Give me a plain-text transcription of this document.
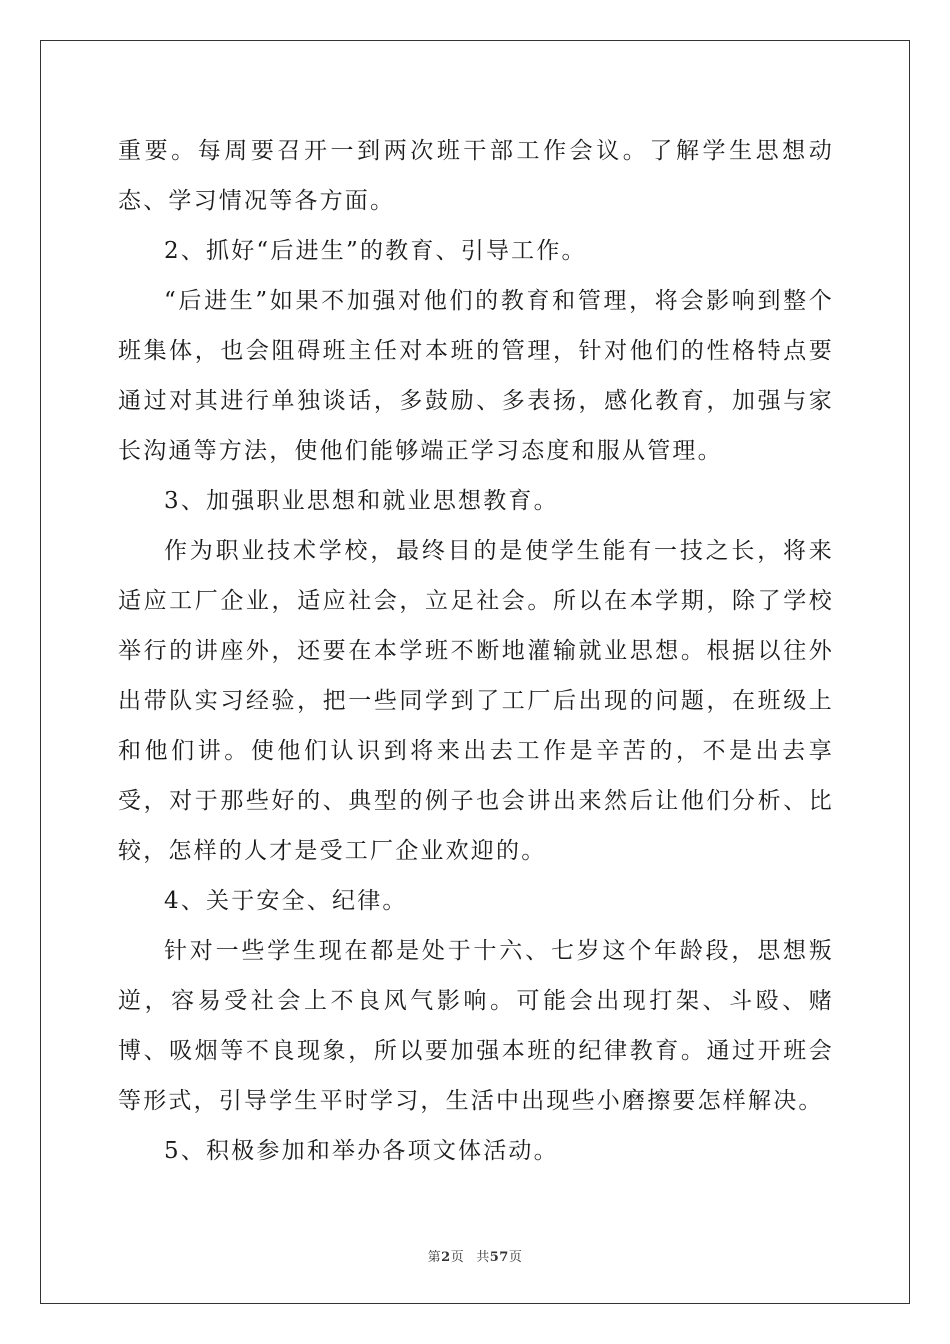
重要。每周要召开一到两次班干部工作会议。了解学生思想动态、学习情况等各方面。

2、抓好“后进生”的教育、引导工作。

“后进生”如果不加强对他们的教育和管理，将会影响到整个班集体，也会阻碍班主任对本班的管理，针对他们的性格特点要通过对其进行单独谈话，多鼓励、多表扬，感化教育，加强与家长沟通等方法，使他们能够端正学习态度和服从管理。

3、加强职业思想和就业思想教育。

作为职业技术学校，最终目的是使学生能有一技之长，将来适应工厂企业，适应社会，立足社会。所以在本学期，除了学校举行的讲座外，还要在本学班不断地灌输就业思想。根据以往外出带队实习经验，把一些同学到了工厂后出现的问题，在班级上和他们讲。使他们认识到将来出去工作是辛苦的，不是出去享受，对于那些好的、典型的例子也会讲出来然后让他们分析、比较，怎样的人才是受工厂企业欢迎的。

4、关于安全、纪律。

针对一些学生现在都是处于十六、七岁这个年龄段，思想叛逆，容易受社会上不良风气影响。可能会出现打架、斗殴、赌博、吸烟等不良现象，所以要加强本班的纪律教育。通过开班会等形式，引导学生平时学习，生活中出现些小磨擦要怎样解决。

5、积极参加和举办各项文体活动。

第2页 共57页
